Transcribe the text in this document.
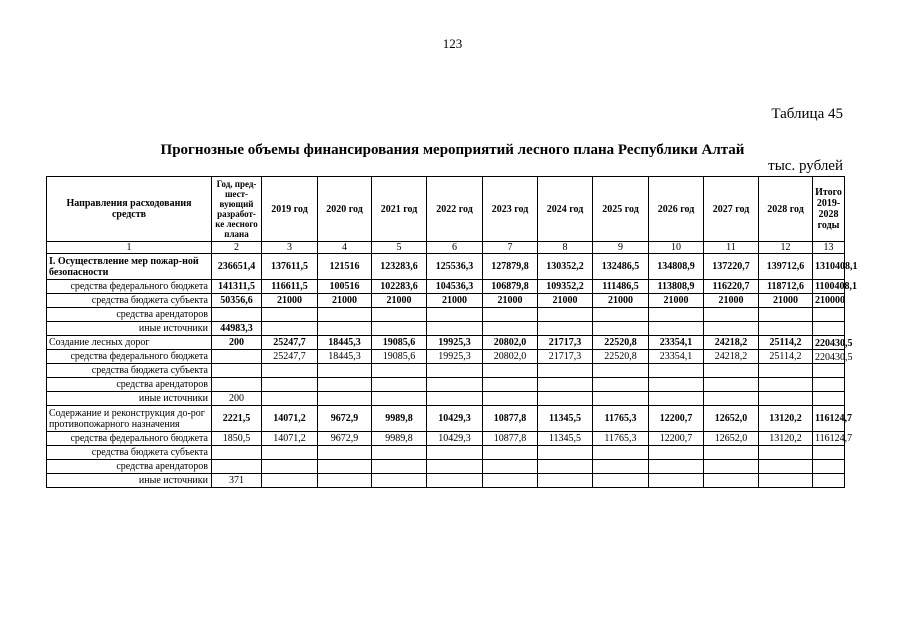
123
Таблица 45
Прогнозные объемы финансирования мероприятий лесного плана Республики Алтай
тыс. рублей
Направления расходования средств	Год, пред-шест-вующий разработ-ке лесного плана	2019 год	2020 год	2021 год	2022 год	2023 год	2024 год	2025 год	2026 год	2027 год	2028 год	Итого 2019-2028 годы
1	2	3	4	5	6	7	8	9	10	11	12	13
I. Осуществление мер пожар-ной безопасности	236651,4	137611,5	121516	123283,6	125536,3	127879,8	130352,2	132486,5	134808,9	137220,7	139712,6	1310408,1
средства федерального бюджета	141311,5	116611,5	100516	102283,6	104536,3	106879,8	109352,2	111486,5	113808,9	116220,7	118712,6	1100408,1
средства бюджета субъекта	50356,6	21000	21000	21000	21000	21000	21000	21000	21000	21000	21000	210000
средства арендаторов												
иные источники	44983,3											
Создание лесных дорог	200	25247,7	18445,3	19085,6	19925,3	20802,0	21717,3	22520,8	23354,1	24218,2	25114,2	220430,5
средства федерального бюджета		25247,7	18445,3	19085,6	19925,3	20802,0	21717,3	22520,8	23354,1	24218,2	25114,2	220430,5
средства бюджета субъекта												
средства арендаторов												
иные источники	200											
Содержание и реконструкция до-рог противопожарного назначения	2221,5	14071,2	9672,9	9989,8	10429,3	10877,8	11345,5	11765,3	12200,7	12652,0	13120,2	116124,7
средства федерального бюджета	1850,5	14071,2	9672,9	9989,8	10429,3	10877,8	11345,5	11765,3	12200,7	12652,0	13120,2	116124,7
средства бюджета субъекта												
средства арендаторов												
иные источники	371											
